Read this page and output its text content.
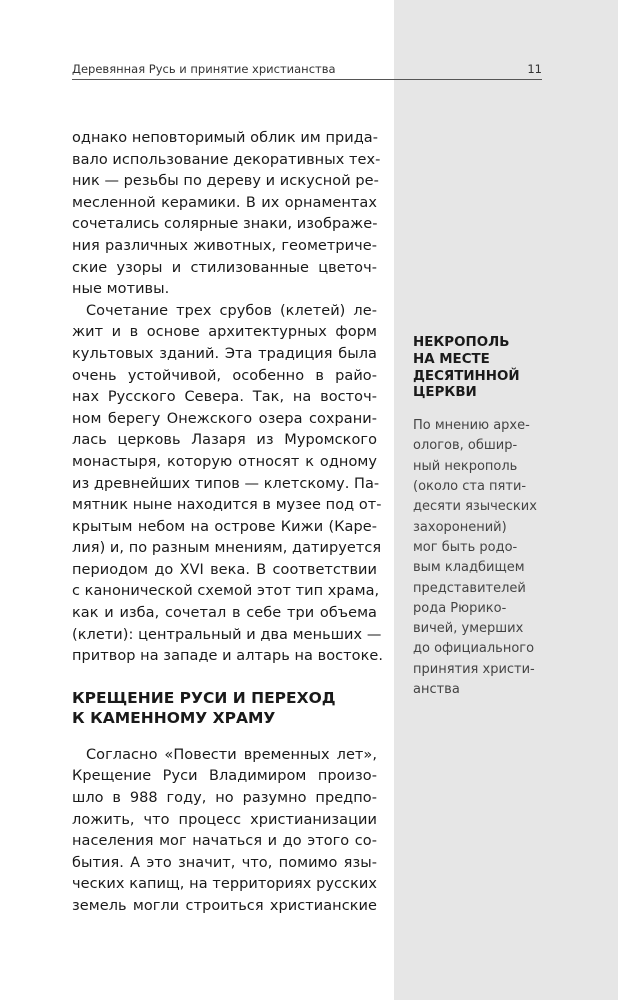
Деревянная Русь и принятие христианства	11
однако неповторимый облик им прида-
вало использование декоративных тех-
ник — резьбы по дереву и искусной ре-
месленной керамики. В их орнаментах
сочетались солярные знаки, изображе-
ния различных животных, геометриче-
ские узоры и стилизованные цветоч-
ные мотивы.
Сочетание трех срубов (клетей) ле-
жит и в основе архитектурных форм
культовых зданий. Эта традиция была
очень устойчивой, особенно в райо-
нах Русского Севера. Так, на восточ-
ном берегу Онежского озера сохрани-
лась церковь Лазаря из Муромского
монастыря, которую относят к одному
из древнейших типов — клетскому. Па-
мятник ныне находится в музее под от-
крытым небом на острове Кижи (Каре-
лия) и, по разным мнениям, датируется
периодом до XVI века. В соответствии
с канонической схемой этот тип храма,
как и изба, сочетал в себе три объема
(клети): центральный и два меньших —
притвор на западе и алтарь на востоке.
КРЕЩЕНИЕ РУСИ И ПЕРЕХОД
К КАМЕННОМУ ХРАМУ
Согласно «Повести временных лет»,
Крещение Руси Владимиром произо-
шло в 988 году, но разумно предпо-
ложить, что процесс христианизации
населения мог начаться и до этого со-
бытия. А это значит, что, помимо язы-
ческих капищ, на территориях русских
земель могли строиться христианские
НЕКРОПОЛЬ
НА МЕСТЕ
ДЕСЯТИННОЙ
ЦЕРКВИ
По мнению архе-
ологов, обшир-
ный некрополь
(около ста пяти-
десяти языческих
захоронений)
мог быть родо-
вым кладбищем
представителей
рода Рюрико-
вичей, умерших
до официального
принятия христи-
анства
